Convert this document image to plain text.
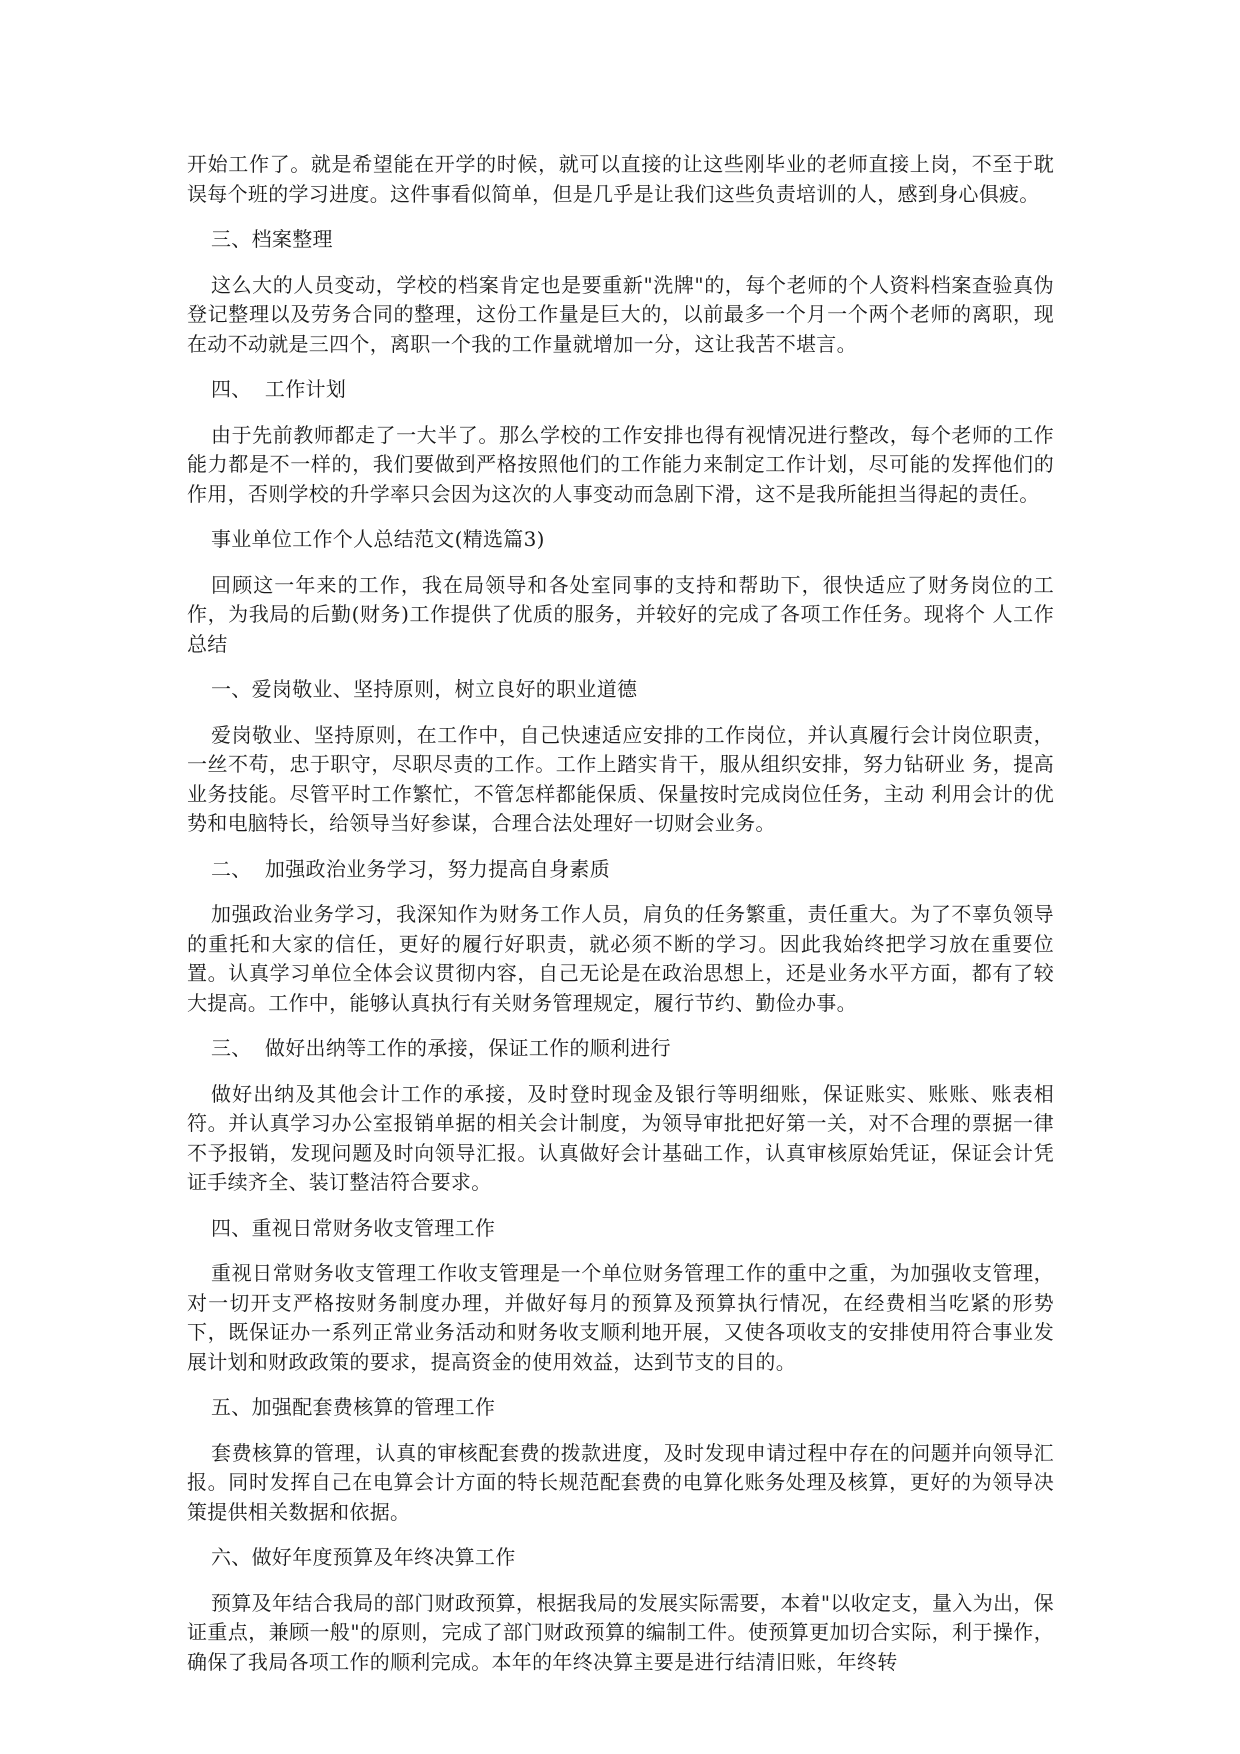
开始工作了。就是希望能在开学的时候，就可以直接的让这些刚毕业的老师直接上岗，不至于耽误每个班的学习进度。这件事看似简单，但是几乎是让我们这些负责培训的人，感到身心俱疲。

三、档案整理

这么大的人员变动，学校的档案肯定也是要重新"洗牌"的，每个老师的个人资料档案查验真伪登记整理以及劳务合同的整理，这份工作量是巨大的，以前最多一个月一个两个老师的离职，现在动不动就是三四个，离职一个我的工作量就增加一分，这让我苦不堪言。

四、  工作计划

由于先前教师都走了一大半了。那么学校的工作安排也得有视情况进行整改，每个老师的工作能力都是不一样的，我们要做到严格按照他们的工作能力来制定工作计划，尽可能的发挥他们的作用，否则学校的升学率只会因为这次的人事变动而急剧下滑，这不是我所能担当得起的责任。

事业单位工作个人总结范文(精选篇3)

回顾这一年来的工作，我在局领导和各处室同事的支持和帮助下，很快适应了财务岗位的工作，为我局的后勤(财务)工作提供了优质的服务，并较好的完成了各项工作任务。现将个 人工作总结

一、爱岗敬业、坚持原则，树立良好的职业道德

爱岗敬业、坚持原则，在工作中，自己快速适应安排的工作岗位，并认真履行会计岗位职责， 一丝不苟，忠于职守，尽职尽责的工作。工作上踏实肯干，服从组织安排，努力钻研业 务，提高业务技能。尽管平时工作繁忙，不管怎样都能保质、保量按时完成岗位任务，主动 利用会计的优势和电脑特长，给领导当好参谋，合理合法处理好一切财会业务。

二、  加强政治业务学习，努力提高自身素质

加强政治业务学习，我深知作为财务工作人员，肩负的任务繁重，责任重大。为了不辜负领导的重托和大家的信任，更好的履行好职责，就必须不断的学习。因此我始终把学习放在重要位置。认真学习单位全体会议贯彻内容，自己无论是在政治思想上，还是业务水平方面，都有了较大提高。工作中，能够认真执行有关财务管理规定，履行节约、勤俭办事。

三、  做好出纳等工作的承接，保证工作的顺利进行

做好出纳及其他会计工作的承接，及时登时现金及银行等明细账，保证账实、账账、账表相符。并认真学习办公室报销单据的相关会计制度，为领导审批把好第一关，对不合理的票据一律不予报销，发现问题及时向领导汇报。认真做好会计基础工作，认真审核原始凭证，保证会计凭证手续齐全、装订整洁符合要求。

四、重视日常财务收支管理工作

重视日常财务收支管理工作收支管理是一个单位财务管理工作的重中之重，为加强收支管理，对一切开支严格按财务制度办理，并做好每月的预算及预算执行情况，在经费相当吃紧的形势下，既保证办一系列正常业务活动和财务收支顺利地开展，又使各项收支的安排使用符合事业发展计划和财政政策的要求，提高资金的使用效益，达到节支的目的。

五、加强配套费核算的管理工作

套费核算的管理，认真的审核配套费的拨款进度，及时发现申请过程中存在的问题并向领导汇报。同时发挥自己在电算会计方面的特长规范配套费的电算化账务处理及核算，更好的为领导决策提供相关数据和依据。

六、做好年度预算及年终决算工作

预算及年结合我局的部门财政预算，根据我局的发展实际需要，本着"以收定支，量入为出，保证重点，兼顾一般"的原则，完成了部门财政预算的编制工件。使预算更加切合实际，利于操作，确保了我局各项工作的顺利完成。本年的年终决算主要是进行结清旧账，年终转
